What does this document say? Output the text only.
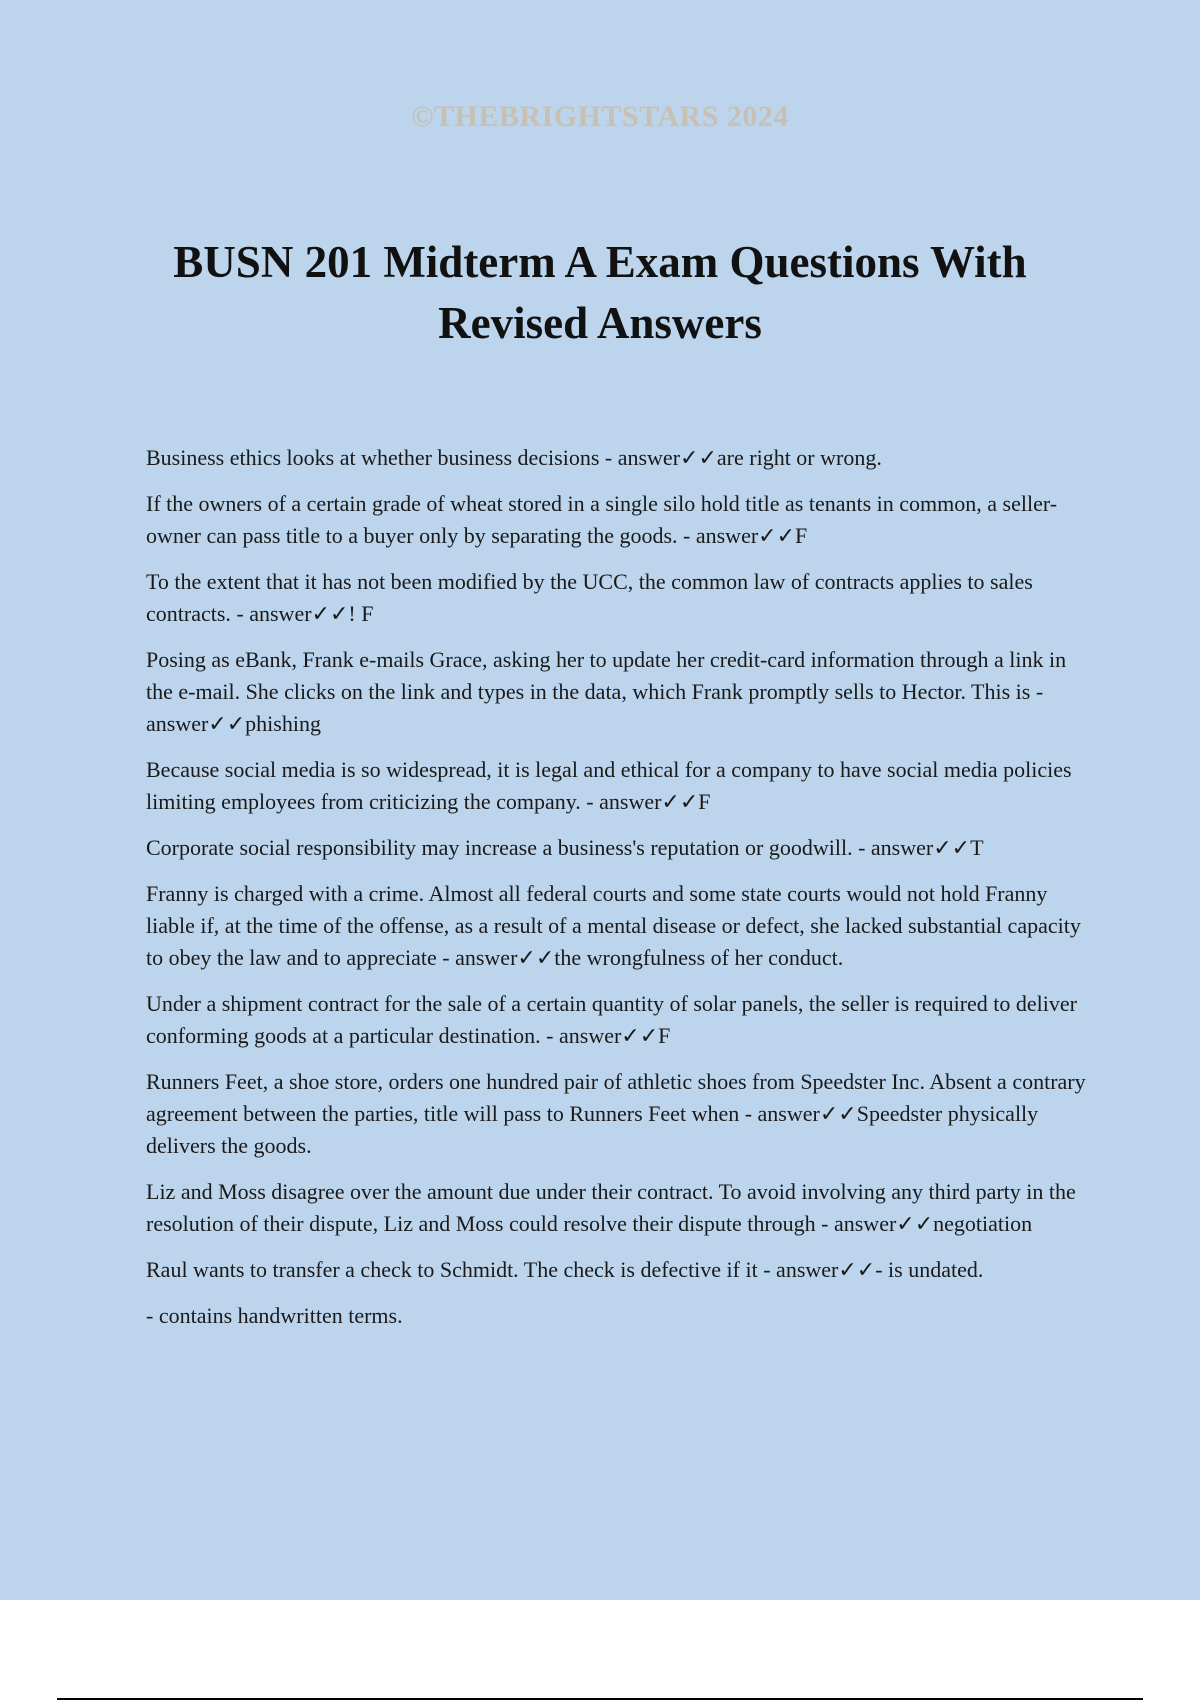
©THEBRIGHTSTARS 2024
BUSN 201 Midterm A Exam Questions With Revised Answers

Business ethics looks at whether business decisions - answer✓✓are right or wrong.

If the owners of a certain grade of wheat stored in a single silo hold title as tenants in common, a seller-owner can pass title to a buyer only by separating the goods. - answer✓✓F

To the extent that it has not been modified by the UCC, the common law of contracts applies to sales contracts. - answer✓✓! F

Posing as eBank, Frank e-mails Grace, asking her to update her credit-card information through a link in the e-mail. She clicks on the link and types in the data, which Frank promptly sells to Hector. This is - answer✓✓phishing

Because social media is so widespread, it is legal and ethical for a company to have social media policies limiting employees from criticizing the company. - answer✓✓F

Corporate social responsibility may increase a business's reputation or goodwill. - answer✓✓T

Franny is charged with a crime. Almost all federal courts and some state courts would not hold Franny liable if, at the time of the offense, as a result of a mental disease or defect, she lacked substantial capacity to obey the law and to appreciate - answer✓✓the wrongfulness of her conduct.

Under a shipment contract for the sale of a certain quantity of solar panels, the seller is required to deliver conforming goods at a particular destination. - answer✓✓F

Runners Feet, a shoe store, orders one hundred pair of athletic shoes from Speedster Inc. Absent a contrary agreement between the parties, title will pass to Runners Feet when - answer✓✓Speedster physically delivers the goods.

Liz and Moss disagree over the amount due under their contract. To avoid involving any third party in the resolution of their dispute, Liz and Moss could resolve their dispute through - answer✓✓negotiation

Raul wants to transfer a check to Schmidt. The check is defective if it - answer✓✓- is undated.

- contains handwritten terms.
